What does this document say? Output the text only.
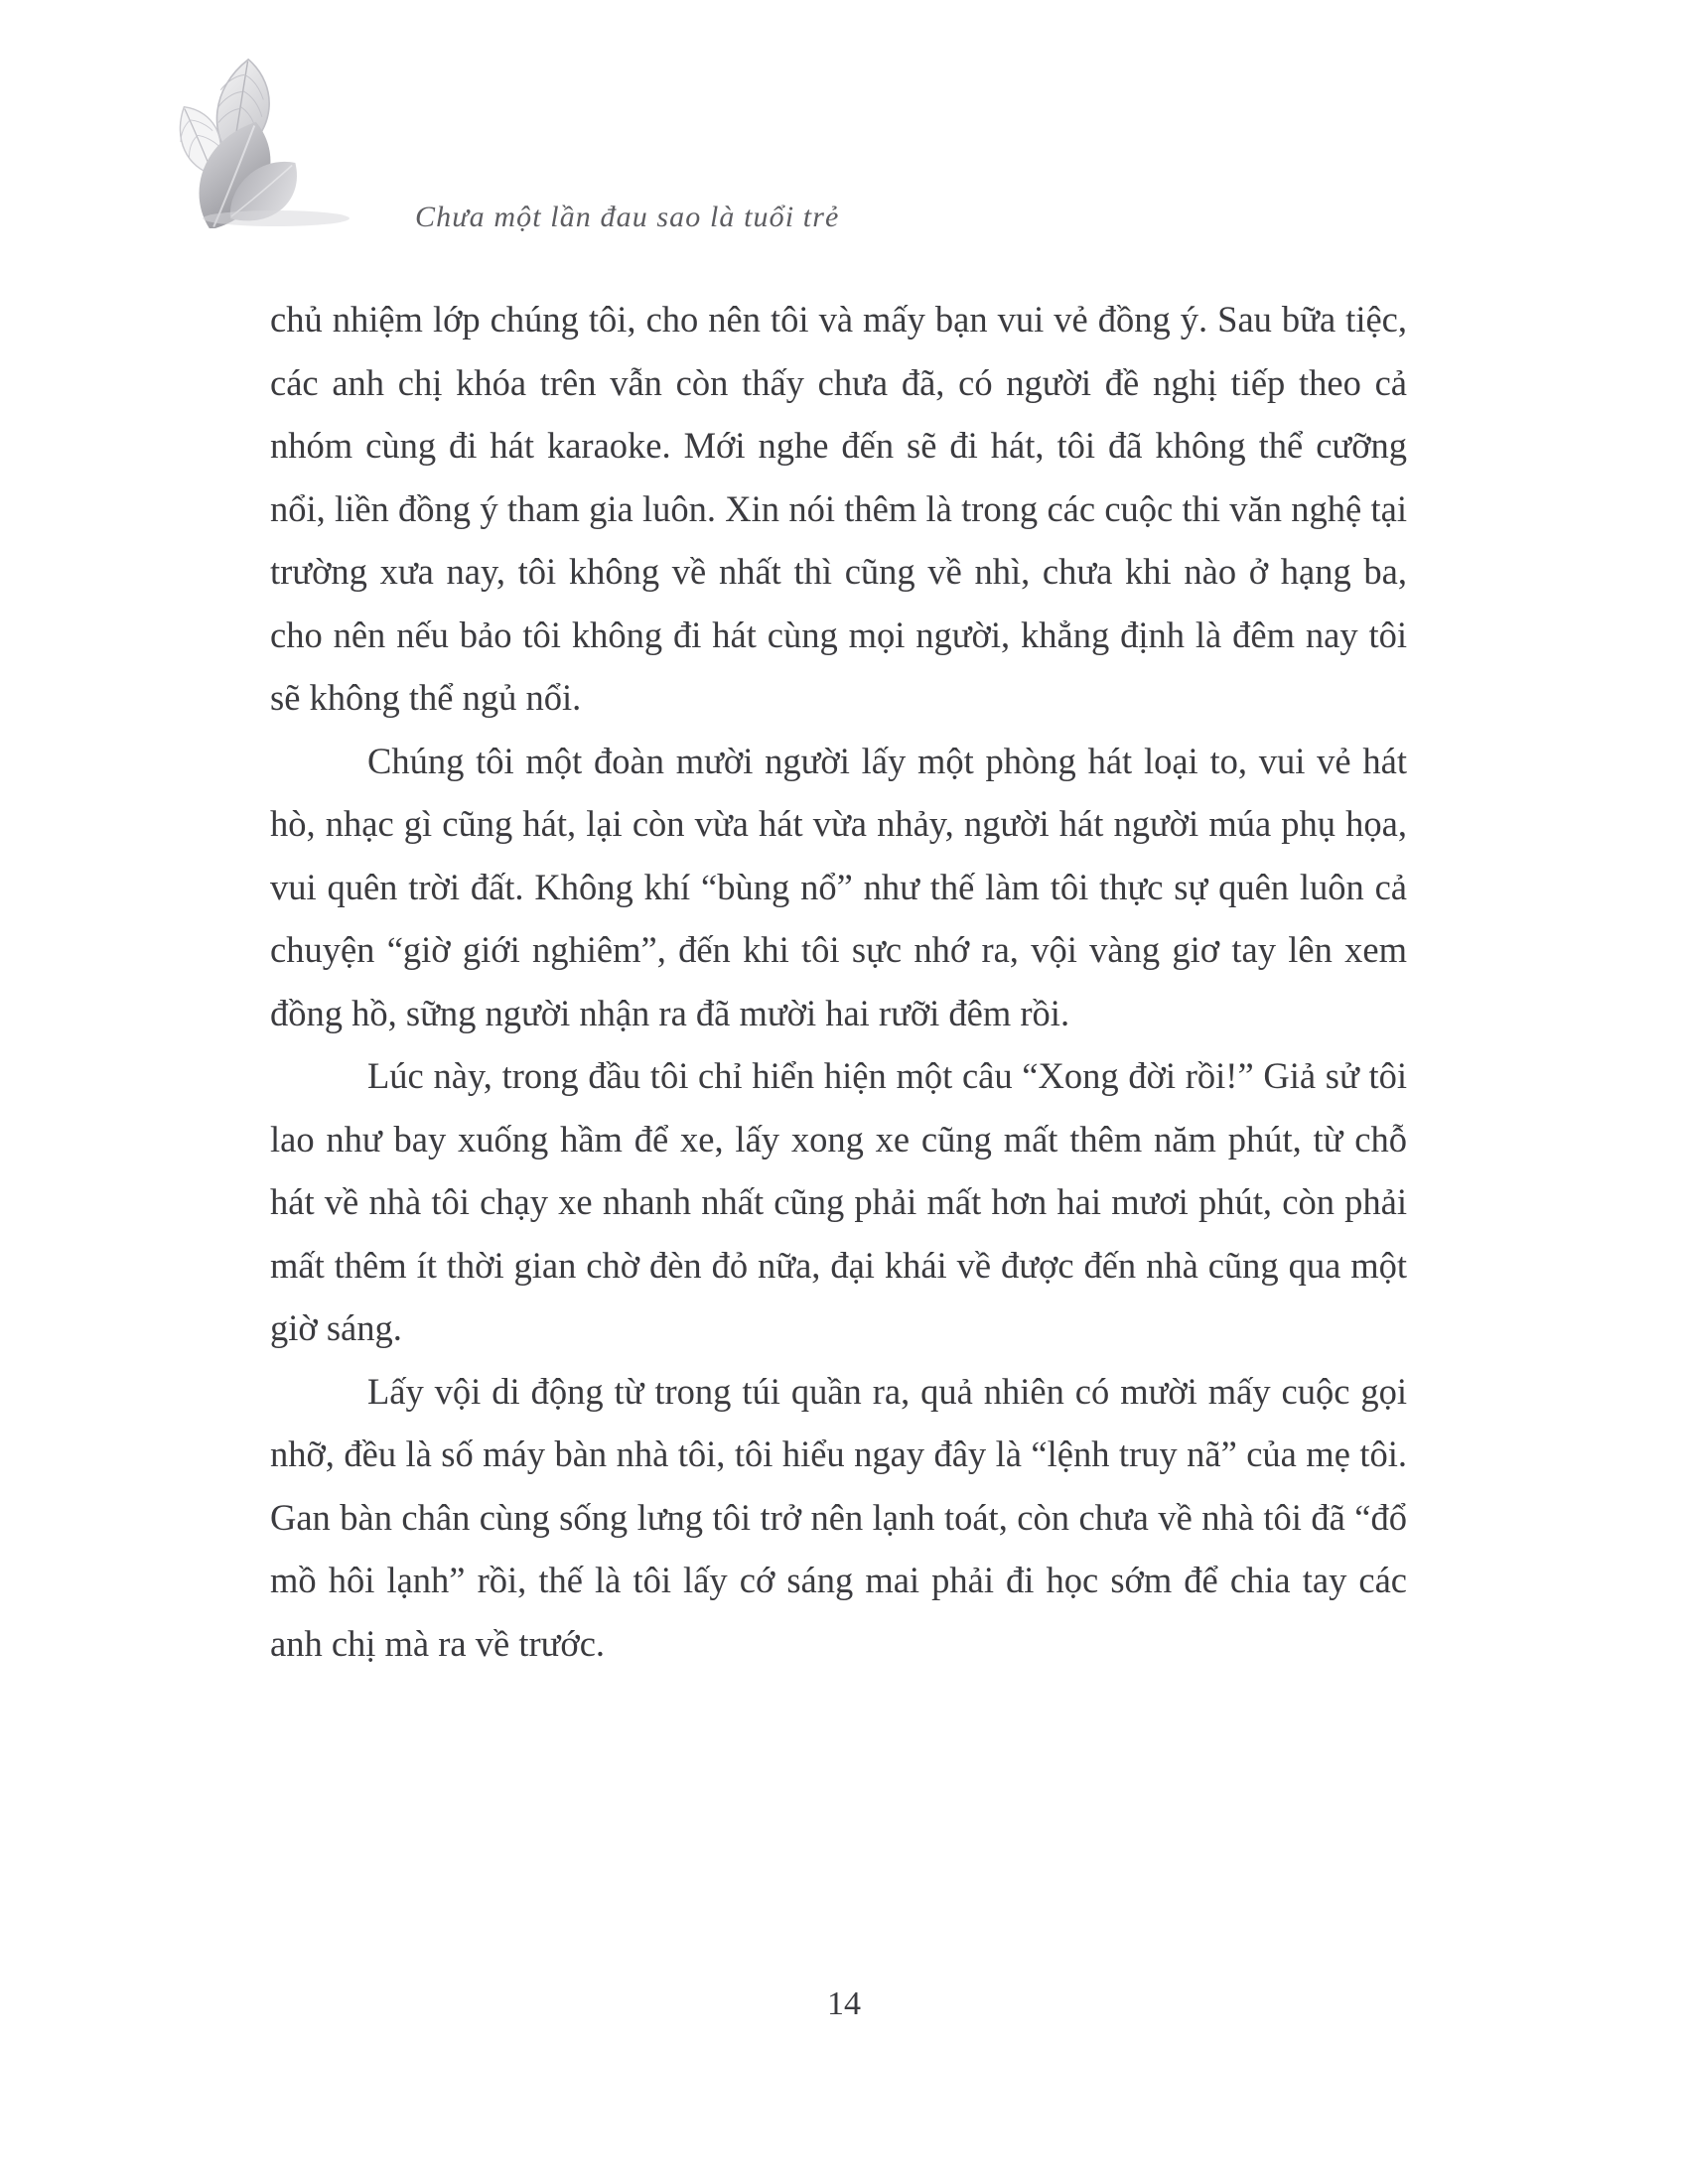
Chưa một lần đau sao là tuổi trẻ

chủ nhiệm lớp chúng tôi, cho nên tôi và mấy bạn vui vẻ đồng ý. Sau bữa tiệc, các anh chị khóa trên vẫn còn thấy chưa đã, có người đề nghị tiếp theo cả nhóm cùng đi hát karaoke. Mới nghe đến sẽ đi hát, tôi đã không thể cưỡng nổi, liền đồng ý tham gia luôn. Xin nói thêm là trong các cuộc thi văn nghệ tại trường xưa nay, tôi không về nhất thì cũng về nhì, chưa khi nào ở hạng ba, cho nên nếu bảo tôi không đi hát cùng mọi người, khẳng định là đêm nay tôi sẽ không thể ngủ nổi.

Chúng tôi một đoàn mười người lấy một phòng hát loại to, vui vẻ hát hò, nhạc gì cũng hát, lại còn vừa hát vừa nhảy, người hát người múa phụ họa, vui quên trời đất. Không khí “bùng nổ” như thế làm tôi thực sự quên luôn cả chuyện “giờ giới nghiêm”, đến khi tôi sực nhớ ra, vội vàng giơ tay lên xem đồng hồ, sững người nhận ra đã mười hai rưỡi đêm rồi.

Lúc này, trong đầu tôi chỉ hiển hiện một câu “Xong đời rồi!” Giả sử tôi lao như bay xuống hầm để xe, lấy xong xe cũng mất thêm năm phút, từ chỗ hát về nhà tôi chạy xe nhanh nhất cũng phải mất hơn hai mươi phút, còn phải mất thêm ít thời gian chờ đèn đỏ nữa, đại khái về được đến nhà cũng qua một giờ sáng.

Lấy vội di động từ trong túi quần ra, quả nhiên có mười mấy cuộc gọi nhỡ, đều là số máy bàn nhà tôi, tôi hiểu ngay đây là “lệnh truy nã” của mẹ tôi. Gan bàn chân cùng sống lưng tôi trở nên lạnh toát, còn chưa về nhà tôi đã “đổ mồ hôi lạnh” rồi, thế là tôi lấy cớ sáng mai phải đi học sớm để chia tay các anh chị mà ra về trước.

14
